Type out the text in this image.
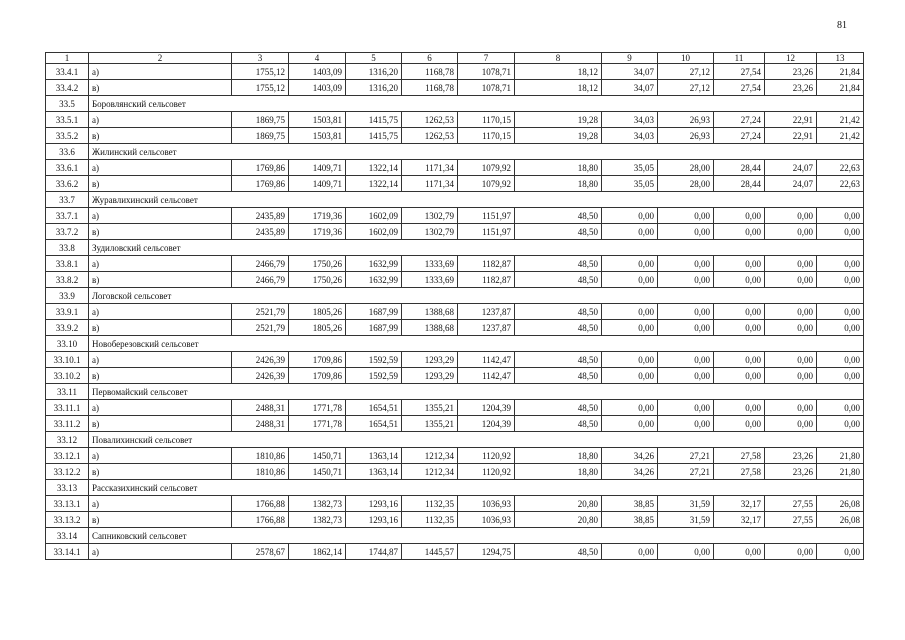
81
1	2	3	4	5	6	7	8	9	10	11	12	13
33.4.1	а)	1755,12	1403,09	1316,20	1168,78	1078,71	18,12	34,07	27,12	27,54	23,26	21,84
33.4.2	в)	1755,12	1403,09	1316,20	1168,78	1078,71	18,12	34,07	27,12	27,54	23,26	21,84
33.5	Боровлянский сельсовет											
33.5.1	а)	1869,75	1503,81	1415,75	1262,53	1170,15	19,28	34,03	26,93	27,24	22,91	21,42
33.5.2	в)	1869,75	1503,81	1415,75	1262,53	1170,15	19,28	34,03	26,93	27,24	22,91	21,42
33.6	Жилинский сельсовет											
33.6.1	а)	1769,86	1409,71	1322,14	1171,34	1079,92	18,80	35,05	28,00	28,44	24,07	22,63
33.6.2	в)	1769,86	1409,71	1322,14	1171,34	1079,92	18,80	35,05	28,00	28,44	24,07	22,63
33.7	Журавлихинский сельсовет											
33.7.1	а)	2435,89	1719,36	1602,09	1302,79	1151,97	48,50	0,00	0,00	0,00	0,00	0,00
33.7.2	в)	2435,89	1719,36	1602,09	1302,79	1151,97	48,50	0,00	0,00	0,00	0,00	0,00
33.8	Зудиловский сельсовет											
33.8.1	а)	2466,79	1750,26	1632,99	1333,69	1182,87	48,50	0,00	0,00	0,00	0,00	0,00
33.8.2	в)	2466,79	1750,26	1632,99	1333,69	1182,87	48,50	0,00	0,00	0,00	0,00	0,00
33.9	Логовской сельсовет											
33.9.1	а)	2521,79	1805,26	1687,99	1388,68	1237,87	48,50	0,00	0,00	0,00	0,00	0,00
33.9.2	в)	2521,79	1805,26	1687,99	1388,68	1237,87	48,50	0,00	0,00	0,00	0,00	0,00
33.10	Новоберезовский сельсовет											
33.10.1	а)	2426,39	1709,86	1592,59	1293,29	1142,47	48,50	0,00	0,00	0,00	0,00	0,00
33.10.2	в)	2426,39	1709,86	1592,59	1293,29	1142,47	48,50	0,00	0,00	0,00	0,00	0,00
33.11	Первомайский сельсовет											
33.11.1	а)	2488,31	1771,78	1654,51	1355,21	1204,39	48,50	0,00	0,00	0,00	0,00	0,00
33.11.2	в)	2488,31	1771,78	1654,51	1355,21	1204,39	48,50	0,00	0,00	0,00	0,00	0,00
33.12	Повалихинский сельсовет											
33.12.1	а)	1810,86	1450,71	1363,14	1212,34	1120,92	18,80	34,26	27,21	27,58	23,26	21,80
33.12.2	в)	1810,86	1450,71	1363,14	1212,34	1120,92	18,80	34,26	27,21	27,58	23,26	21,80
33.13	Рассказихинский сельсовет											
33.13.1	а)	1766,88	1382,73	1293,16	1132,35	1036,93	20,80	38,85	31,59	32,17	27,55	26,08
33.13.2	в)	1766,88	1382,73	1293,16	1132,35	1036,93	20,80	38,85	31,59	32,17	27,55	26,08
33.14	Сапниковский сельсовет											
33.14.1	а)	2578,67	1862,14	1744,87	1445,57	1294,75	48,50	0,00	0,00	0,00	0,00	0,00
